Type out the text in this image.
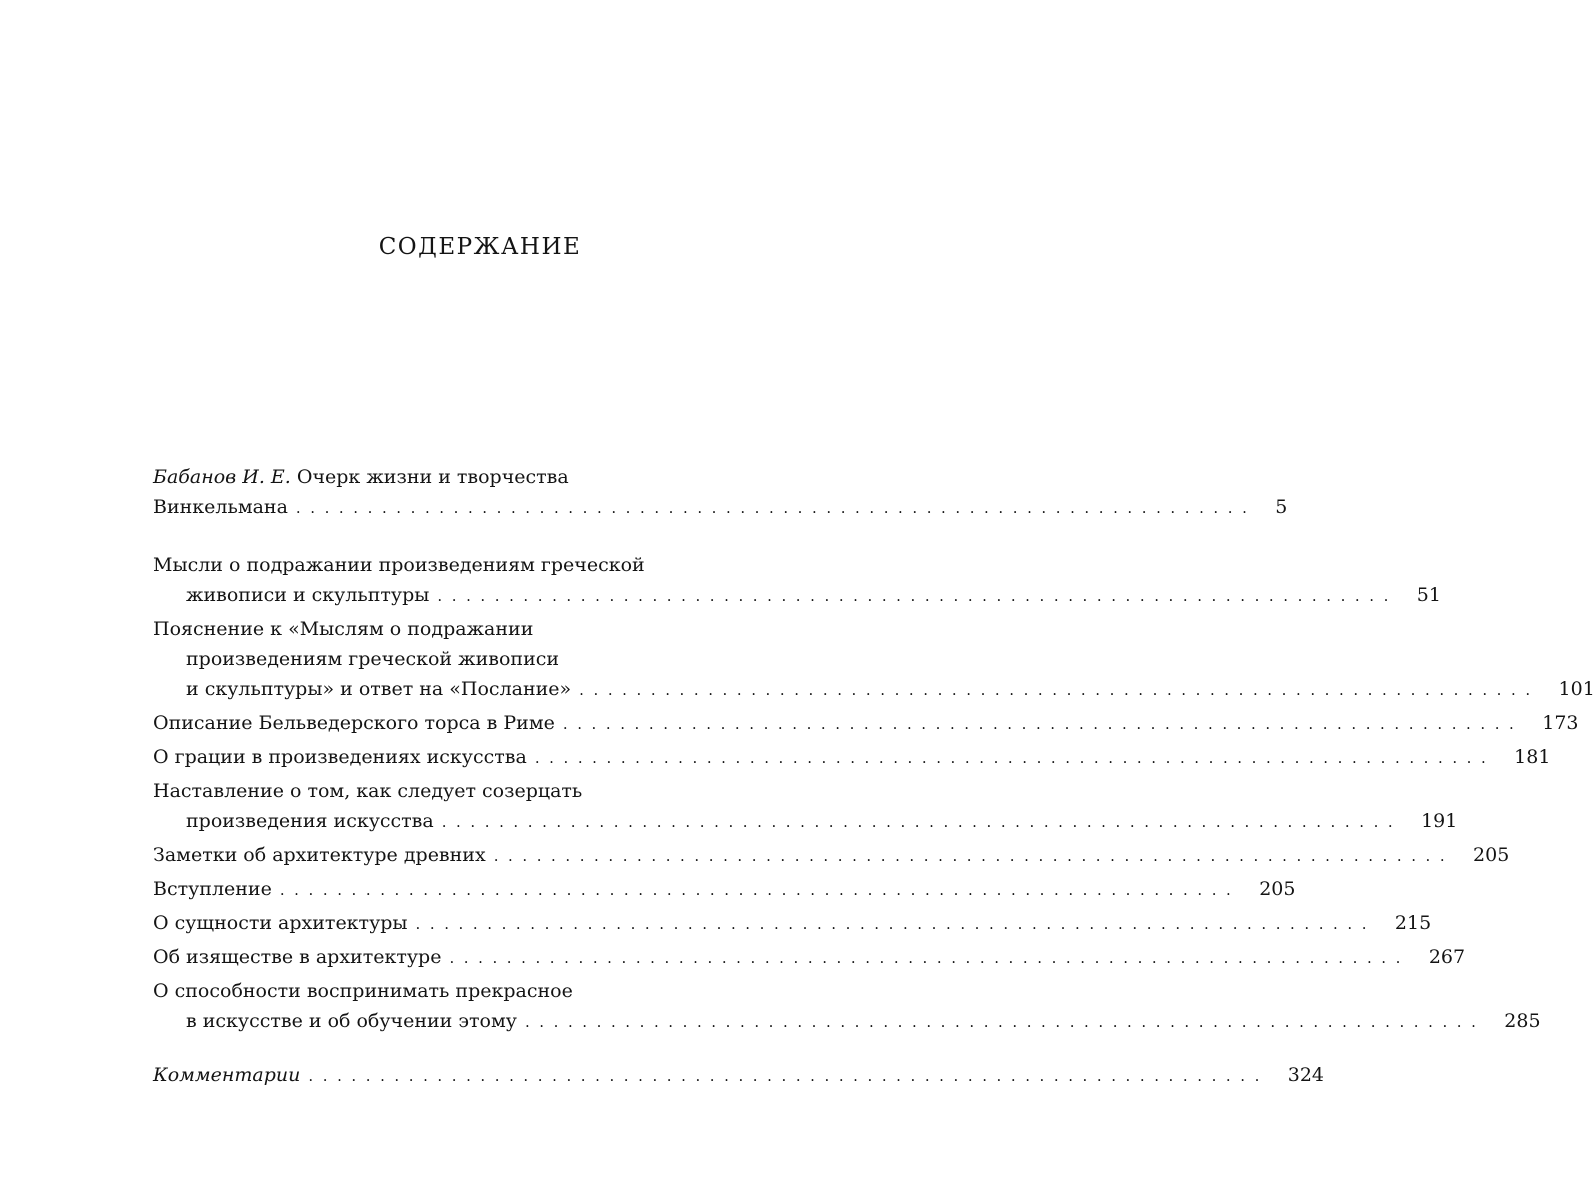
СОДЕРЖАНИЕ
Бабанов И. Е. Очерк жизни и творчества
Винкельмана . . . . . . . . . . . . . . . . . . . . . . . . . . . . . . . . . . . . . . . . . . . . . . . . . . . . . . . . . . . . . . . . . . . 5
Мысли о подражании произведениям греческой
живописи и скульптуры . . . . . . . . . . . . . . . . . . . . . . . . . . . . . . . . . . . . . . . . . . . . . . . . . . . . . . . . . . . . . . . . . . . 51
Пояснение к «Мыслям о подражании
произведениям греческой живописи
и скульптуры» и ответ на «Послание» . . . . . . . . . . . . . . . . . . . . . . . . . . . . . . . . . . . . . . . . . . . . . . . . . . . . . . . . . . . . . . . . . . . 101
Описание Бельведерского торса в Риме . . . . . . . . . . . . . . . . . . . . . . . . . . . . . . . . . . . . . . . . . . . . . . . . . . . . . . . . . . . . . . . . . . . 173
О грации в произведениях искусства . . . . . . . . . . . . . . . . . . . . . . . . . . . . . . . . . . . . . . . . . . . . . . . . . . . . . . . . . . . . . . . . . . . 181
Наставление о том, как следует созерцать
произведения искусства . . . . . . . . . . . . . . . . . . . . . . . . . . . . . . . . . . . . . . . . . . . . . . . . . . . . . . . . . . . . . . . . . . . 191
Заметки об архитектуре древних . . . . . . . . . . . . . . . . . . . . . . . . . . . . . . . . . . . . . . . . . . . . . . . . . . . . . . . . . . . . . . . . . . . 205
Вступление . . . . . . . . . . . . . . . . . . . . . . . . . . . . . . . . . . . . . . . . . . . . . . . . . . . . . . . . . . . . . . . . . . . 205
О сущности архитектуры . . . . . . . . . . . . . . . . . . . . . . . . . . . . . . . . . . . . . . . . . . . . . . . . . . . . . . . . . . . . . . . . . . . 215
Об изяществе в архитектуре . . . . . . . . . . . . . . . . . . . . . . . . . . . . . . . . . . . . . . . . . . . . . . . . . . . . . . . . . . . . . . . . . . . 267
О способности воспринимать прекрасное
в искусстве и об обучении этому . . . . . . . . . . . . . . . . . . . . . . . . . . . . . . . . . . . . . . . . . . . . . . . . . . . . . . . . . . . . . . . . . . . 285
Комментарии . . . . . . . . . . . . . . . . . . . . . . . . . . . . . . . . . . . . . . . . . . . . . . . . . . . . . . . . . . . . . . . . . . . 324
